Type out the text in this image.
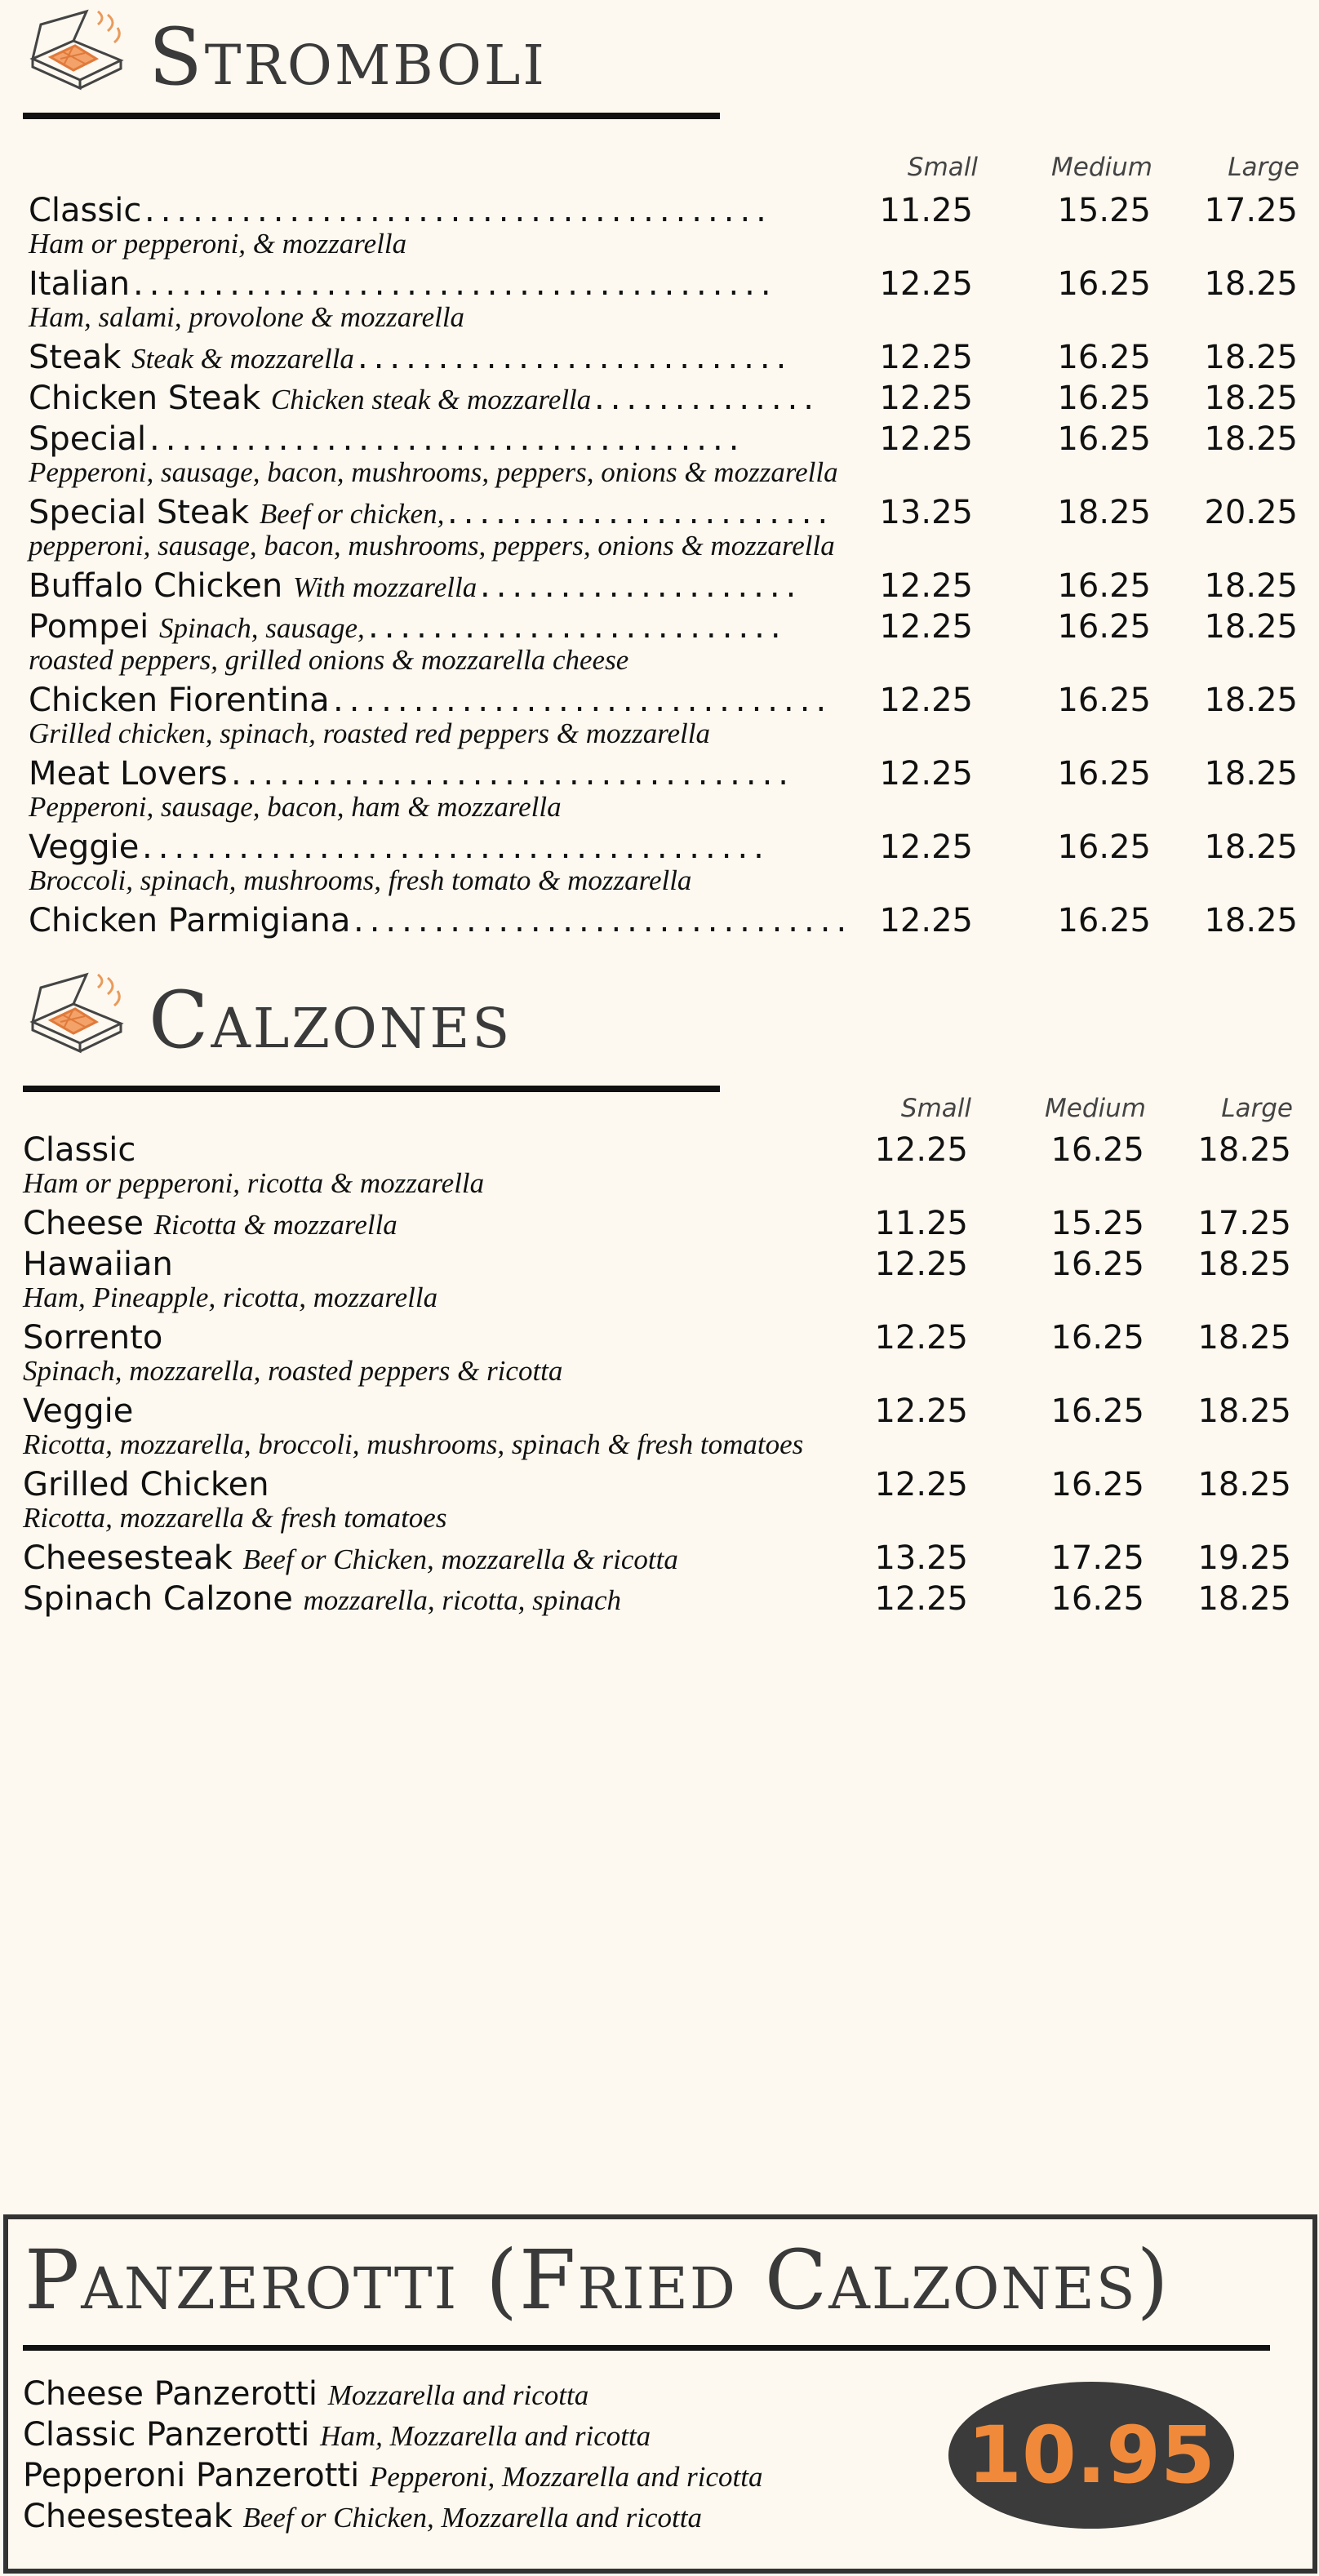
Stromboli
Small	Medium	Large
Classic	11.25	15.25	17.25
.......................................
Ham or pepperoni, & mozzarella
Italian	12.25	16.25	18.25
........................................
Ham, salami, provolone & mozzarella
Steak Steak & mozzarella	12.25	16.25	18.25
...........................
Chicken Steak Chicken steak & mozzarella	12.25	16.25	18.25
..............
Special	12.25	16.25	18.25
.....................................
Pepperoni, sausage, bacon, mushrooms, peppers, onions & mozzarella
Special Steak Beef or chicken,	13.25	18.25	20.25
........................
pepperoni, sausage, bacon, mushrooms, peppers, onions & mozzarella
Buffalo Chicken With mozzarella	12.25	16.25	18.25
....................
Pompei Spinach, sausage,	12.25	16.25	18.25
..........................
roasted peppers, grilled onions & mozzarella cheese
Chicken Fiorentina	12.25	16.25	18.25
...............................
Grilled chicken, spinach, roasted red peppers & mozzarella
Meat Lovers	12.25	16.25	18.25
...................................
Pepperoni, sausage, bacon, ham & mozzarella
Veggie	12.25	16.25	18.25
.......................................
Broccoli, spinach, mushrooms, fresh tomato & mozzarella
Chicken Parmigiana	12.25	16.25	18.25
...............................
Calzones
Small	Medium	Large
Classic	12.25	16.25	18.25
Ham or pepperoni, ricotta & mozzarella
Cheese Ricotta & mozzarella	11.25	15.25	17.25
Hawaiian	12.25	16.25	18.25
Ham, Pineapple, ricotta, mozzarella
Sorrento	12.25	16.25	18.25
Spinach, mozzarella, roasted peppers & ricotta
Veggie	12.25	16.25	18.25
Ricotta, mozzarella, broccoli, mushrooms, spinach & fresh tomatoes
Grilled Chicken	12.25	16.25	18.25
Ricotta, mozzarella & fresh tomatoes
Cheesesteak Beef or Chicken, mozzarella & ricotta	13.25	17.25	19.25
Spinach Calzone mozzarella, ricotta, spinach	12.25	16.25	18.25
Panzerotti (Fried Calzones)
Cheese Panzerotti Mozzarella and ricotta
Classic Panzerotti Ham, Mozzarella and ricotta
Pepperoni Panzerotti Pepperoni, Mozzarella and ricotta
Cheesesteak Beef or Chicken, Mozzarella and ricotta
10.95
